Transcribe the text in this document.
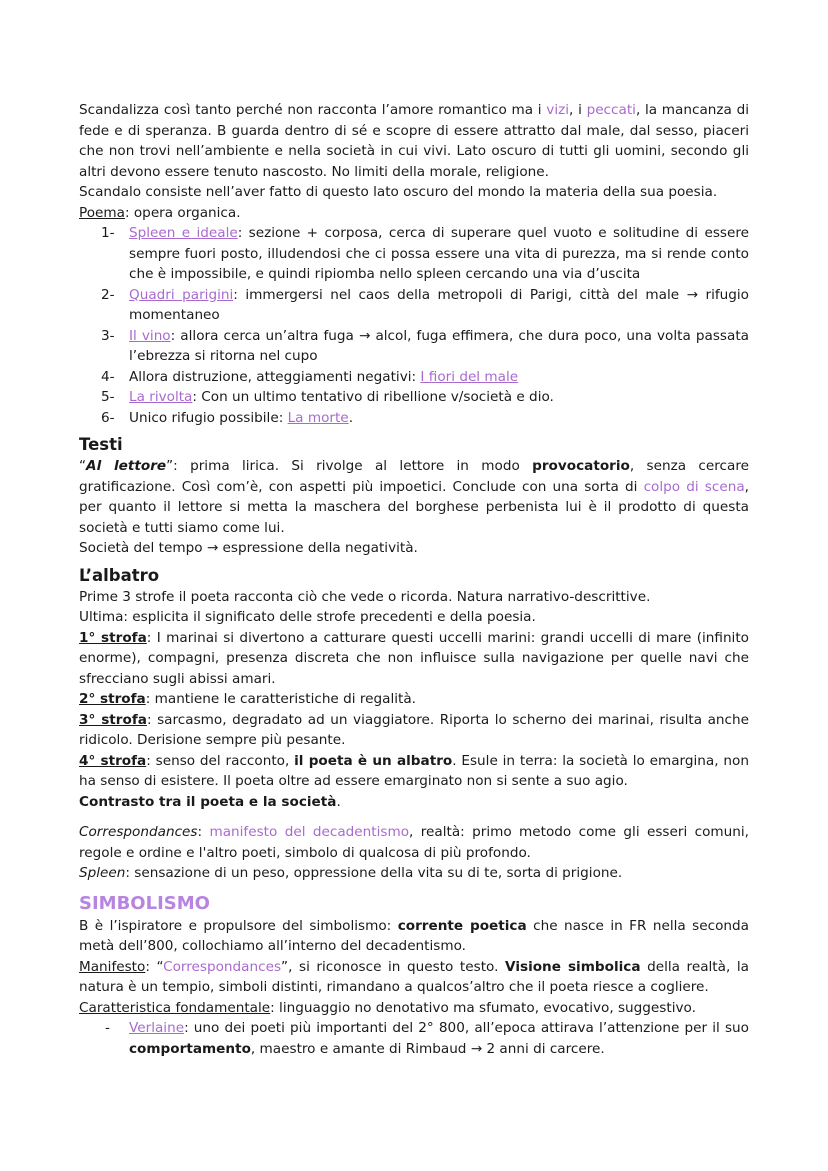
Scandalizza così tanto perché non racconta l’amore romantico ma i vizi, i peccati, la mancanza di fede e di speranza. B guarda dentro di sé e scopre di essere attratto dal male, dal sesso, piaceri che non trovi nell’ambiente e nella società in cui vivi. Lato oscuro di tutti gli uomini, secondo gli altri devono essere tenuto nascosto. No limiti della morale, religione.

Scandalo consiste nell’aver fatto di questo lato oscuro del mondo la materia della sua poesia.

Poema: opera organica.

1-	Spleen e ideale: sezione + corposa, cerca di superare quel vuoto e solitudine di essere sempre fuori posto, illudendosi che ci possa essere una vita di purezza, ma si rende conto che è impossibile, e quindi ripiomba nello spleen cercando una via d’uscita
2-	Quadri parigini: immergersi nel caos della metropoli di Parigi, città del male → rifugio momentaneo
3-	Il vino: allora cerca un’altra fuga → alcol, fuga effimera, che dura poco, una volta passata l’ebrezza si ritorna nel cupo
4-	Allora distruzione, atteggiamenti negativi: I fiori del male
5-	La rivolta: Con un ultimo tentativo di ribellione v/società e dio.
6-	Unico rifugio possibile: La morte.
Testi

“Al lettore”: prima lirica. Si rivolge al lettore in modo provocatorio, senza cercare gratificazione. Così com’è, con aspetti più impoetici. Conclude con una sorta di colpo di scena, per quanto il lettore si metta la maschera del borghese perbenista lui è il prodotto di questa società e tutti siamo come lui.

Società del tempo → espressione della negatività.

L’albatro

Prime 3 strofe il poeta racconta ciò che vede o ricorda. Natura narrativo-descrittive.

Ultima: esplicita il significato delle strofe precedenti e della poesia.

1° strofa: I marinai si divertono a catturare questi uccelli marini: grandi uccelli di mare (infinito enorme), compagni, presenza discreta che non influisce sulla navigazione per quelle navi che sfrecciano sugli abissi amari.

2° strofa: mantiene le caratteristiche di regalità.

3° strofa: sarcasmo, degradato ad un viaggiatore. Riporta lo scherno dei marinai, risulta anche ridicolo. Derisione sempre più pesante.

4° strofa: senso del racconto, il poeta è un albatro. Esule in terra: la società lo emargina, non ha senso di esistere. Il poeta oltre ad essere emarginato non si sente a suo agio.

Contrasto tra il poeta e la società.

Correspondances: manifesto del decadentismo, realtà: primo metodo come gli esseri comuni, regole e ordine e l'altro poeti, simbolo di qualcosa di più profondo.

Spleen: sensazione di un peso, oppressione della vita su di te, sorta di prigione.

SIMBOLISMO

B è l’ispiratore e propulsore del simbolismo: corrente poetica che nasce in FR nella seconda metà dell’800, collochiamo all’interno del decadentismo.

Manifesto: “Correspondances”, si riconosce in questo testo. Visione simbolica della realtà, la natura è un tempio, simboli distinti, rimandano a qualcos’altro che il poeta riesce a cogliere.

Caratteristica fondamentale: linguaggio no denotativo ma sfumato, evocativo, suggestivo.

-	Verlaine: uno dei poeti più importanti del 2° 800, all’epoca attirava l’attenzione per il suo comportamento, maestro e amante di Rimbaud → 2 anni di carcere.
